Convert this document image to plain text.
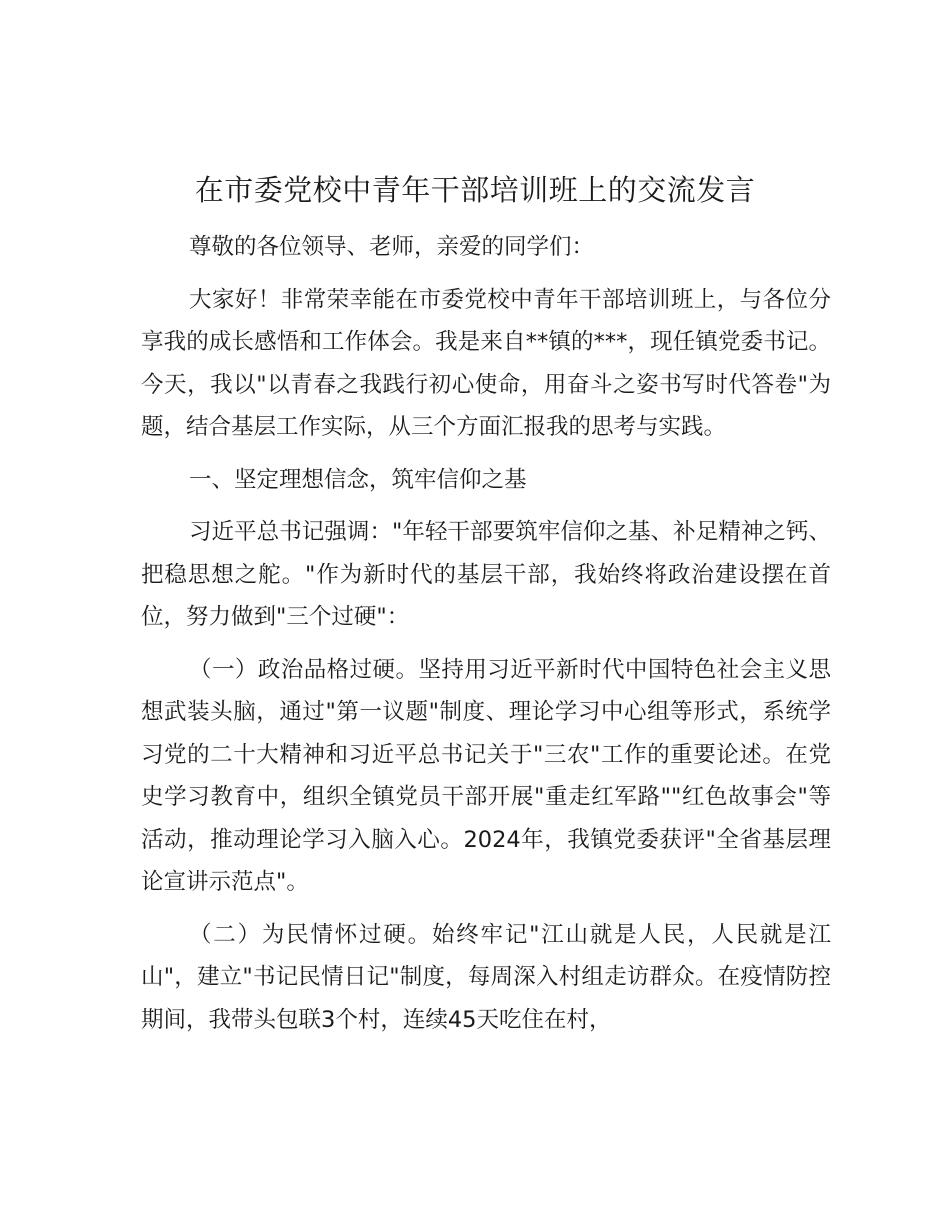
在市委党校中青年干部培训班上的交流发言

尊敬的各位领导、老师，亲爱的同学们：

大家好！非常荣幸能在市委党校中青年干部培训班上，与各位分享我的成长感悟和工作体会。我是来自**镇的***，现任镇党委书记。今天，我以"以青春之我践行初心使命，用奋斗之姿书写时代答卷"为题，结合基层工作实际，从三个方面汇报我的思考与实践。

一、坚定理想信念，筑牢信仰之基

习近平总书记强调："年轻干部要筑牢信仰之基、补足精神之钙、把稳思想之舵。"作为新时代的基层干部，我始终将政治建设摆在首位，努力做到"三个过硬"：

（一）政治品格过硬。坚持用习近平新时代中国特色社会主义思想武装头脑，通过"第一议题"制度、理论学习中心组等形式，系统学习党的二十大精神和习近平总书记关于"三农"工作的重要论述。在党史学习教育中，组织全镇党员干部开展"重走红军路""红色故事会"等活动，推动理论学习入脑入心。2024年，我镇党委获评"全省基层理论宣讲示范点"。

（二）为民情怀过硬。始终牢记"江山就是人民，人民就是江山"，建立"书记民情日记"制度，每周深入村组走访群众。在疫情防控期间，我带头包联3个村，连续45天吃住在村，
